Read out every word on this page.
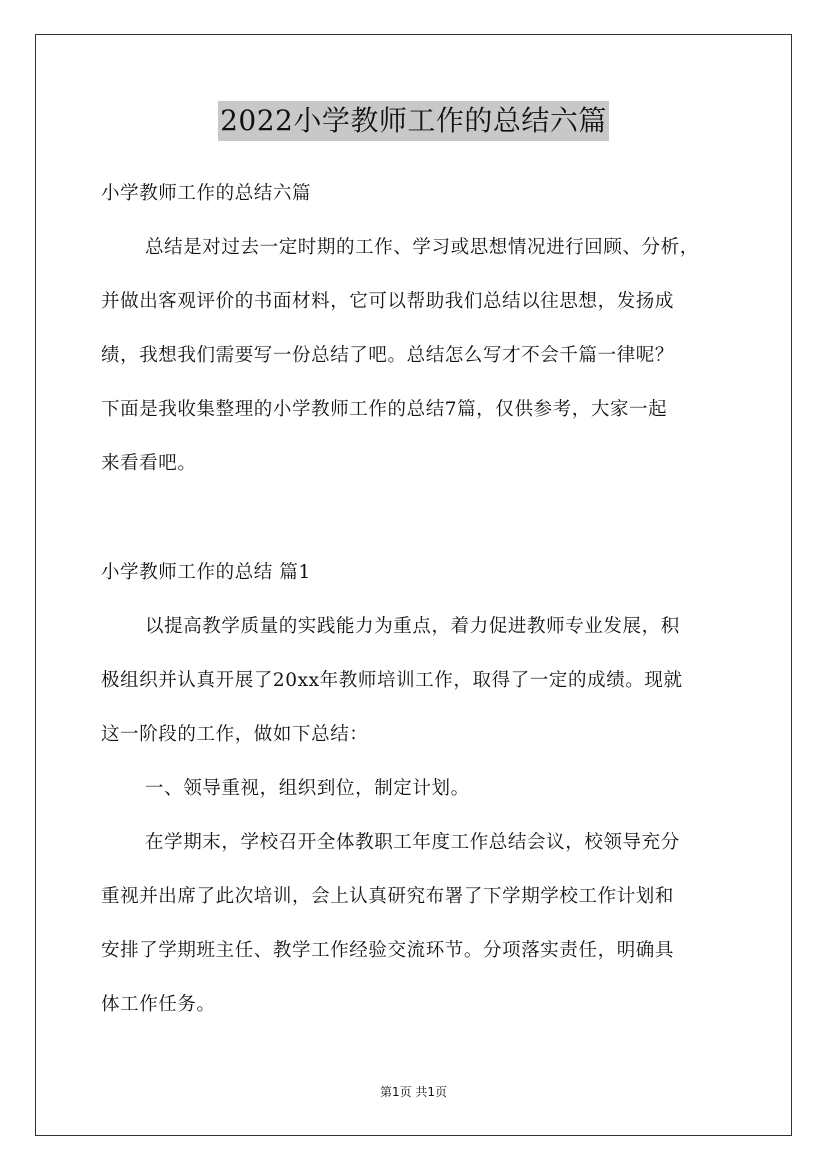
2022小学教师工作的总结六篇

小学教师工作的总结六篇

总结是对过去一定时期的工作、学习或思想情况进行回顾、分析，

并做出客观评价的书面材料，它可以帮助我们总结以往思想，发扬成

绩，我想我们需要写一份总结了吧。总结怎么写才不会千篇一律呢？

下面是我收集整理的小学教师工作的总结7篇，仅供参考，大家一起

来看看吧。

小学教师工作的总结 篇1

以提高教学质量的实践能力为重点，着力促进教师专业发展，积

极组织并认真开展了20xx年教师培训工作，取得了一定的成绩。现就

这一阶段的工作，做如下总结：

一、领导重视，组织到位，制定计划。

在学期末，学校召开全体教职工年度工作总结会议，校领导充分

重视并出席了此次培训，会上认真研究布署了下学期学校工作计划和

安排了学期班主任、教学工作经验交流环节。分项落实责任，明确具

体工作任务。

第1页 共1页
